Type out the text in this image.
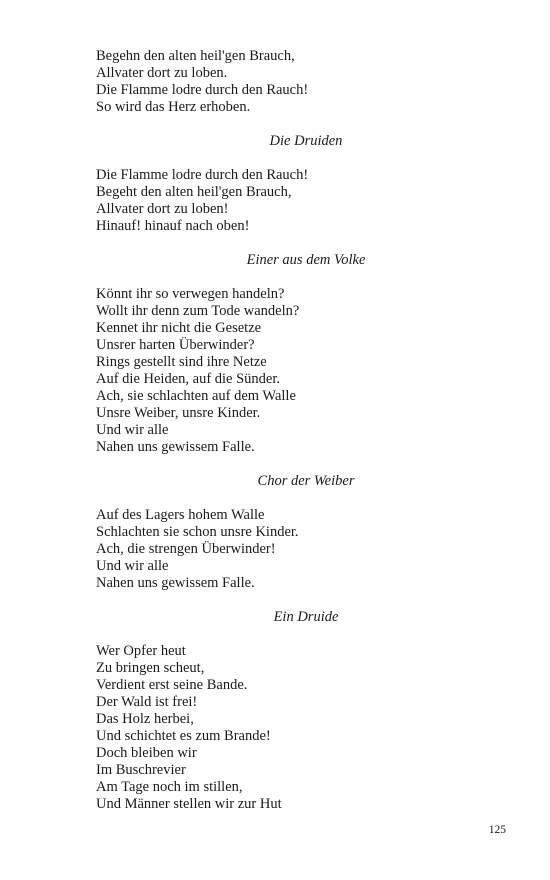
Begehn den alten heil'gen Brauch,
Allvater dort zu loben.
Die Flamme lodre durch den Rauch!
So wird das Herz erhoben.
Die Druiden
Die Flamme lodre durch den Rauch!
Begeht den alten heil'gen Brauch,
Allvater dort zu loben!
Hinauf! hinauf nach oben!
Einer aus dem Volke
Könnt ihr so verwegen handeln?
Wollt ihr denn zum Tode wandeln?
Kennet ihr nicht die Gesetze
Unsrer harten Überwinder?
Rings gestellt sind ihre Netze
Auf die Heiden, auf die Sünder.
Ach, sie schlachten auf dem Walle
Unsre Weiber, unsre Kinder.
Und wir alle
Nahen uns gewissem Falle.
Chor der Weiber
Auf des Lagers hohem Walle
Schlachten sie schon unsre Kinder.
Ach, die strengen Überwinder!
Und wir alle
Nahen uns gewissem Falle.
Ein Druide
Wer Opfer heut
Zu bringen scheut,
Verdient erst seine Bande.
Der Wald ist frei!
Das Holz herbei,
Und schichtet es zum Brande!
Doch bleiben wir
Im Buschrevier
Am Tage noch im stillen,
Und Männer stellen wir zur Hut
125
